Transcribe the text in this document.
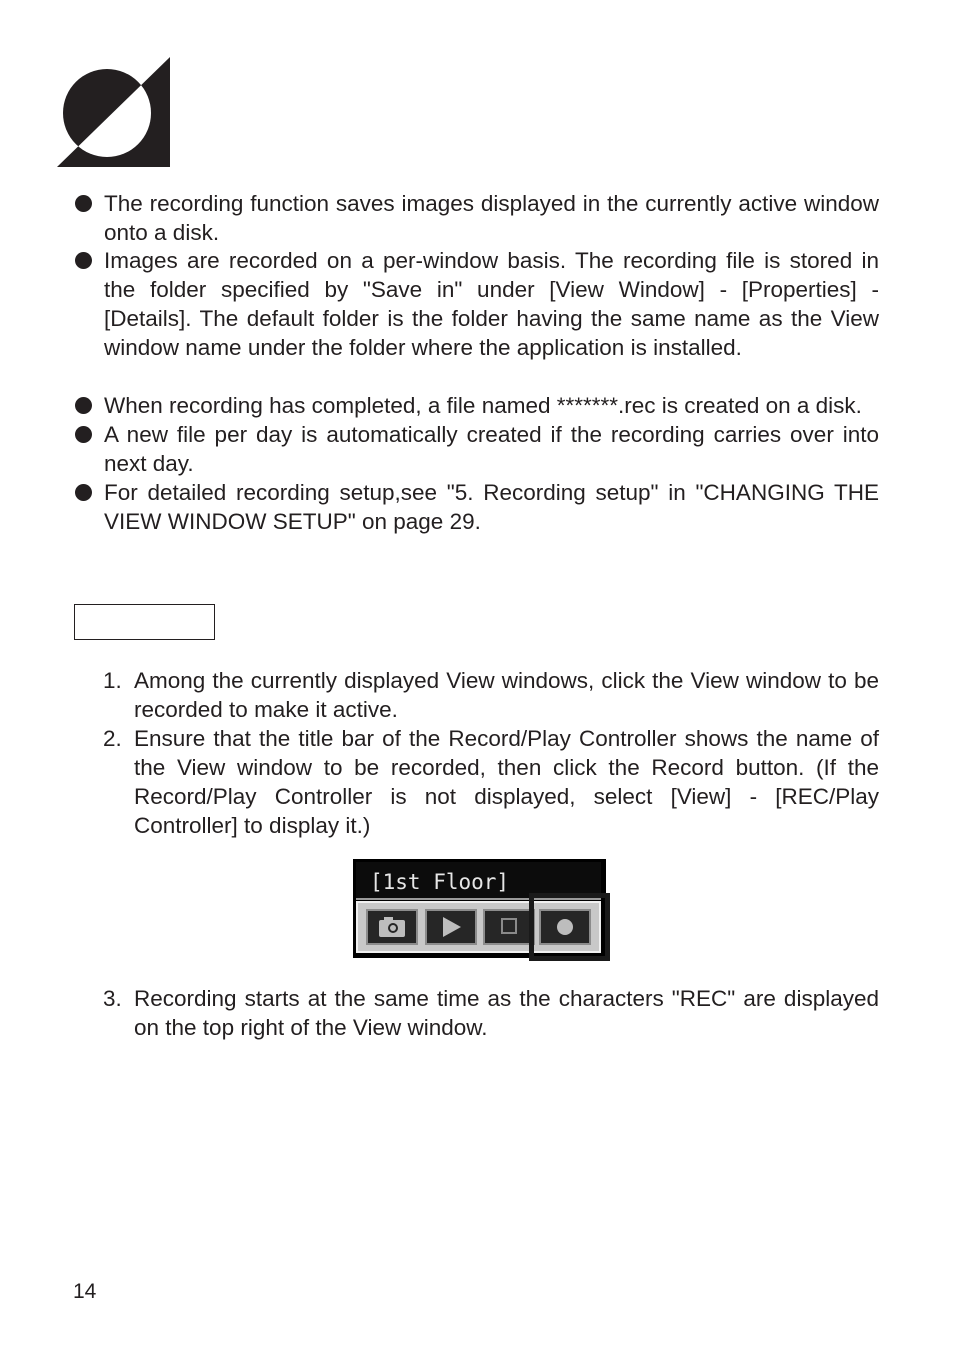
The recording function saves images displayed in the currently active window onto a disk.
Images are recorded on a per-window basis. The recording file is stored in the folder specified by "Save in" under [View Window] - [Properties] - [Details]. The default folder is the folder having the same name as the View window name under the folder where the application is installed.
When recording has completed, a file named *******.rec is created on a disk.
A new file per day is automatically created if the recording carries over into next day.
For detailed recording setup,see "5. Recording setup" in "CHANGING THE VIEW WINDOW SETUP" on page 29.
1. Among the currently displayed View windows, click the View window to be recorded to make it active.
2. Ensure that the title bar of the Record/Play Controller shows the name of the View window to be recorded, then click the Record button. (If the Record/Play Controller is not displayed, select [View] - [REC/Play Controller] to display it.)
[1st Floor]
3. Recording starts at the same time as the characters "REC" are displayed on the top right of the View window.
14
